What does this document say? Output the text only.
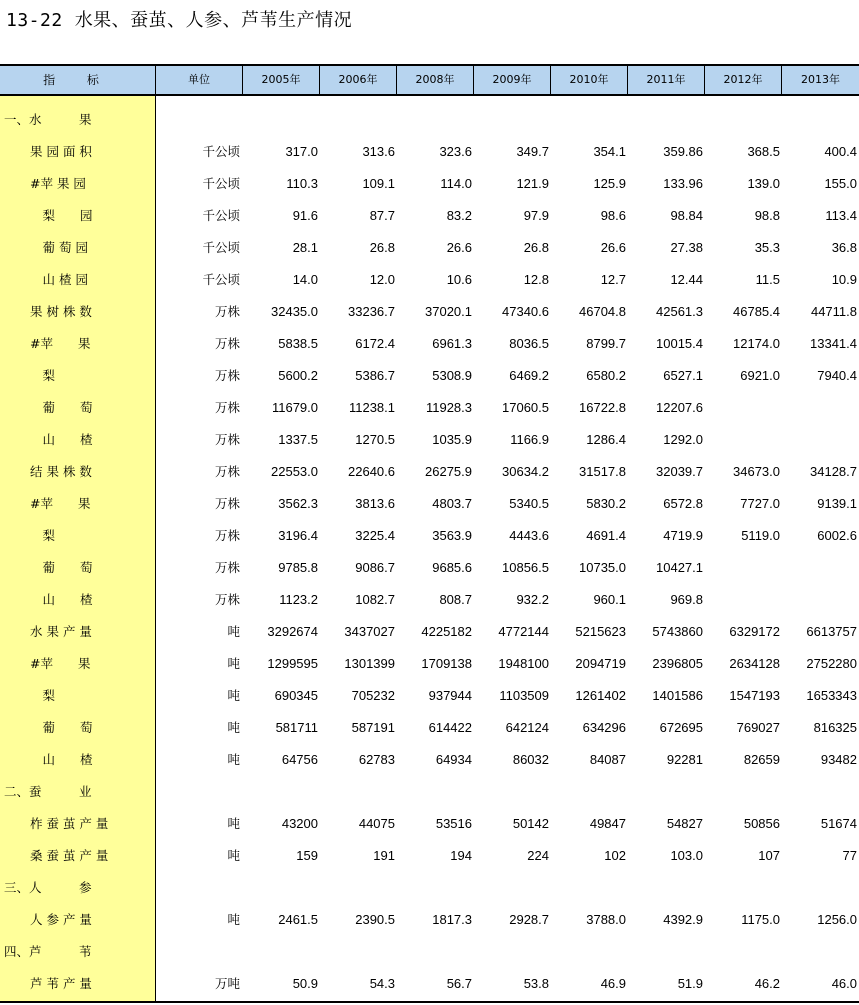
13-22 水果、蚕茧、人参、芦苇生产情况
指 标	单位	2005年	2006年	2008年	2009年	2010年	2011年	2012年	2013年
一、水　　　果
果 园 面 积	千公顷	317.0	313.6	323.6	349.7	354.1	359.86	368.5	400.4
#苹 果 园	千公顷	110.3	109.1	114.0	121.9	125.9	133.96	139.0	155.0
　梨　　园	千公顷	91.6	87.7	83.2	97.9	98.6	98.84	98.8	113.4
　葡 萄 园	千公顷	28.1	26.8	26.6	26.8	26.6	27.38	35.3	36.8
　山 楂 园	千公顷	14.0	12.0	10.6	12.8	12.7	12.44	11.5	10.9
果 树 株 数	万株	32435.0	33236.7	37020.1	47340.6	46704.8	42561.3	46785.4	44711.8
#苹　　果	万株	5838.5	6172.4	6961.3	8036.5	8799.7	10015.4	12174.0	13341.4
　梨	万株	5600.2	5386.7	5308.9	6469.2	6580.2	6527.1	6921.0	7940.4
　葡　　萄	万株	11679.0	11238.1	11928.3	17060.5	16722.8	12207.6
　山　　楂	万株	1337.5	1270.5	1035.9	1166.9	1286.4	1292.0
结 果 株 数	万株	22553.0	22640.6	26275.9	30634.2	31517.8	32039.7	34673.0	34128.7
#苹　　果	万株	3562.3	3813.6	4803.7	5340.5	5830.2	6572.8	7727.0	9139.1
　梨	万株	3196.4	3225.4	3563.9	4443.6	4691.4	4719.9	5119.0	6002.6
　葡　　萄	万株	9785.8	9086.7	9685.6	10856.5	10735.0	10427.1
　山　　楂	万株	1123.2	1082.7	808.7	932.2	960.1	969.8
水 果 产 量	吨	3292674	3437027	4225182	4772144	5215623	5743860	6329172	6613757
#苹　　果	吨	1299595	1301399	1709138	1948100	2094719	2396805	2634128	2752280
　梨	吨	690345	705232	937944	1103509	1261402	1401586	1547193	1653343
　葡　　萄	吨	581711	587191	614422	642124	634296	672695	769027	816325
　山　　楂	吨	64756	62783	64934	86032	84087	92281	82659	93482
二、蚕　　　业
柞 蚕 茧 产 量	吨	43200	44075	53516	50142	49847	54827	50856	51674
桑 蚕 茧 产 量	吨	159	191	194	224	102	103.0	107	77
三、人　　　参
人 参 产 量	吨	2461.5	2390.5	1817.3	2928.7	3788.0	4392.9	1175.0	1256.0
四、芦　　　苇
芦 苇 产 量	万吨	50.9	54.3	56.7	53.8	46.9	51.9	46.2	46.0
